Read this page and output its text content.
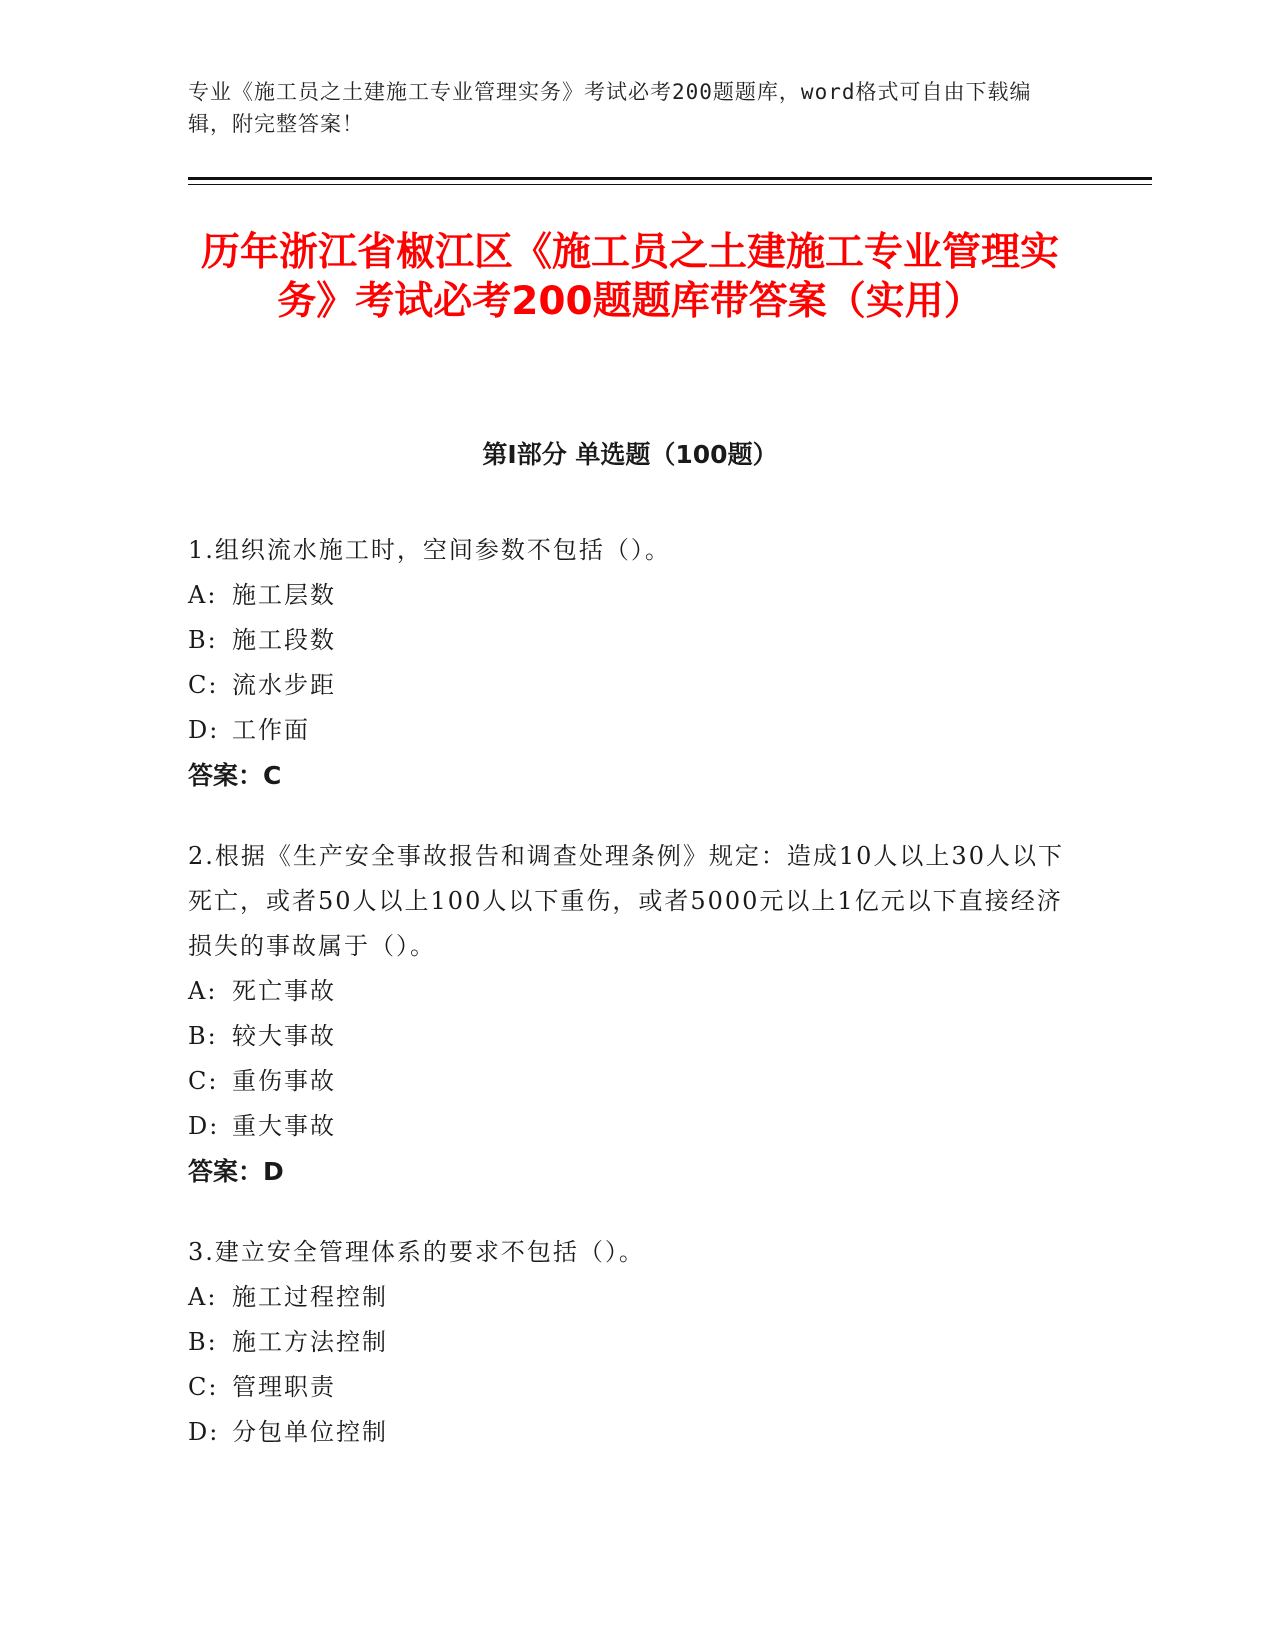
专业《施工员之土建施工专业管理实务》考试必考200题题库，word格式可自由下载编辑，附完整答案！
历年浙江省椒江区《施工员之土建施工专业管理实务》考试必考200题题库带答案（实用）
第I部分 单选题（100题）
1.组织流水施工时，空间参数不包括（）。
A: 施工层数
B: 施工段数
C: 流水步距
D: 工作面
答案：C
2.根据《生产安全事故报告和调查处理条例》规定：造成10人以上30人以下死亡，或者50人以上100人以下重伤，或者5000元以上1亿元以下直接经济损失的事故属于（）。
A: 死亡事故
B: 较大事故
C: 重伤事故
D: 重大事故
答案：D
3.建立安全管理体系的要求不包括（）。
A: 施工过程控制
B: 施工方法控制
C: 管理职责
D: 分包单位控制
